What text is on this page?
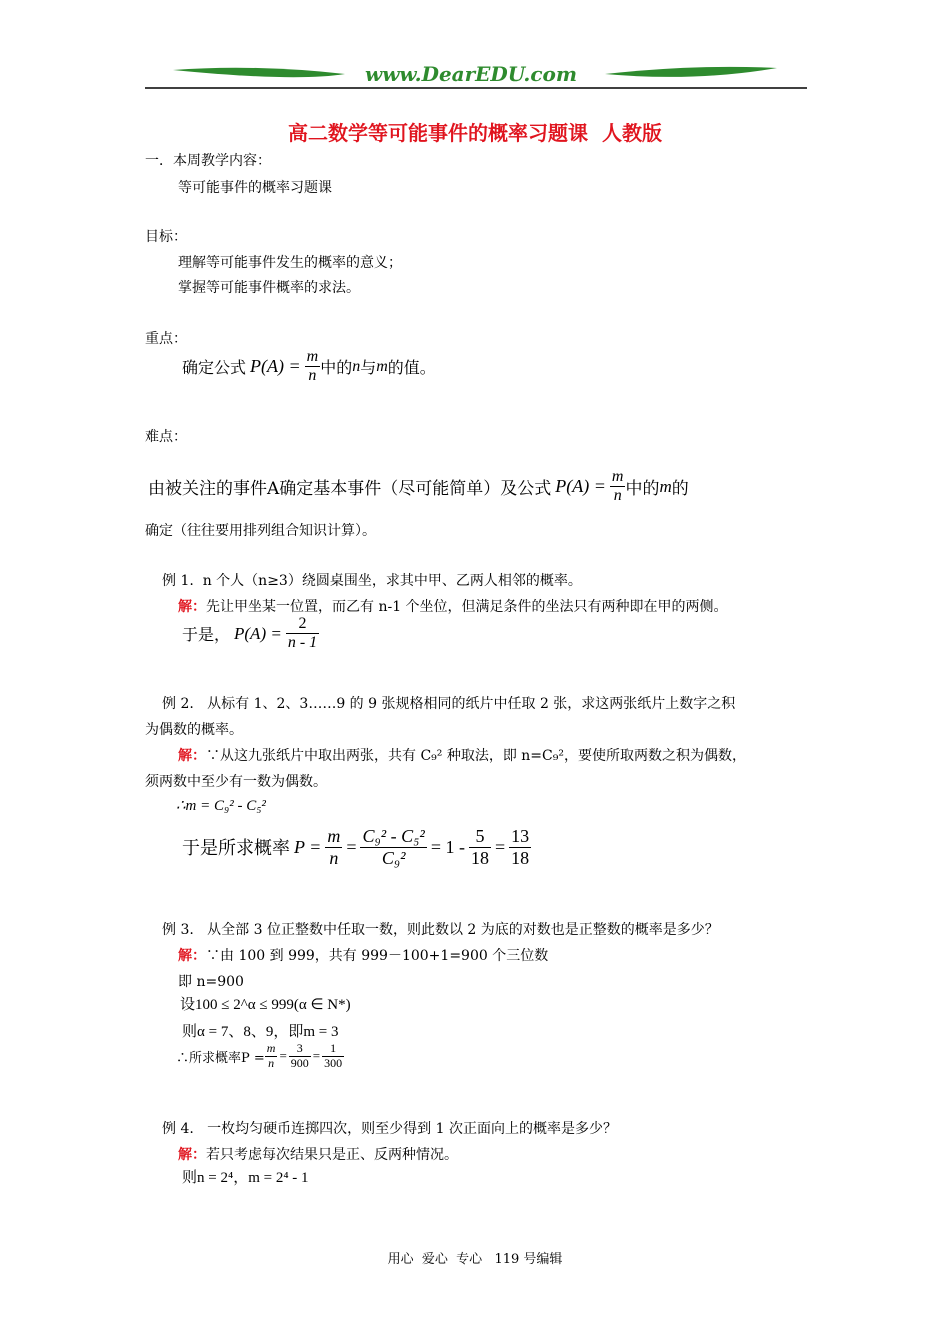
www.DearEDU.com
高二数学等可能事件的概率习题课  人教版
一．本周教学内容：
等可能事件的概率习题课
目标：
理解等可能事件发生的概率的意义；
掌握等可能事件概率的求法。
重点：
确定公式 $P(A) = \frac{m}{n}$ 中的 n 与 m 的值。
难点：
由被关注的事件A确定基本事件（尽可能简单）及公式 $P(A) = \frac{m}{n}$ 中的 m 的
确定（往往要用排列组合知识计算）。
例 1.  n 个人（n≥3）绕圆桌围坐，求其中甲、乙两人相邻的概率。
解：先让甲坐某一位置，而乙有 n-1 个坐位，但满足条件的坐法只有两种即在甲的两侧。
于是， $P(A) = \frac{2}{n - 1}$
例 2.   从标有 1、2、3……9 的 9 张规格相同的纸片中任取 2 张，求这两张纸片上数字之积
为偶数的概率。
解：∵从这九张纸片中取出两张，共有 C₉² 种取法，即 n=C₉²，要使所取两数之积为偶数，
须两数中至少有一数为偶数。
∴m = C₉² - C₅²
于是所求概率 $P = \frac{m}{n} = \frac{\text{C₉² - C₅²}}{\text{C₉²}} = 1 - \frac{5}{18} = \frac{13}{18}$
例 3.   从全部 3 位正整数中任取一数，则此数以 2 为底的对数也是正整数的概率是多少？
解：∵由 100 到 999，共有 999－100+1=900 个三位数
即 n=900
设100 ≤ 2^α ≤ 999(α ∈ N*)
则α = 7、8、9，即m = 3
∴所求概率$P = \frac{m}{n} = \frac{3}{900} = \frac{1}{300}$
例 4.   一枚均匀硬币连掷四次，则至少得到 1 次正面向上的概率是多少？
解：若只考虑每次结果只是正、反两种情况。
则n = 2⁴，m = 2⁴ - 1
用心  爱心  专心   119 号编辑
